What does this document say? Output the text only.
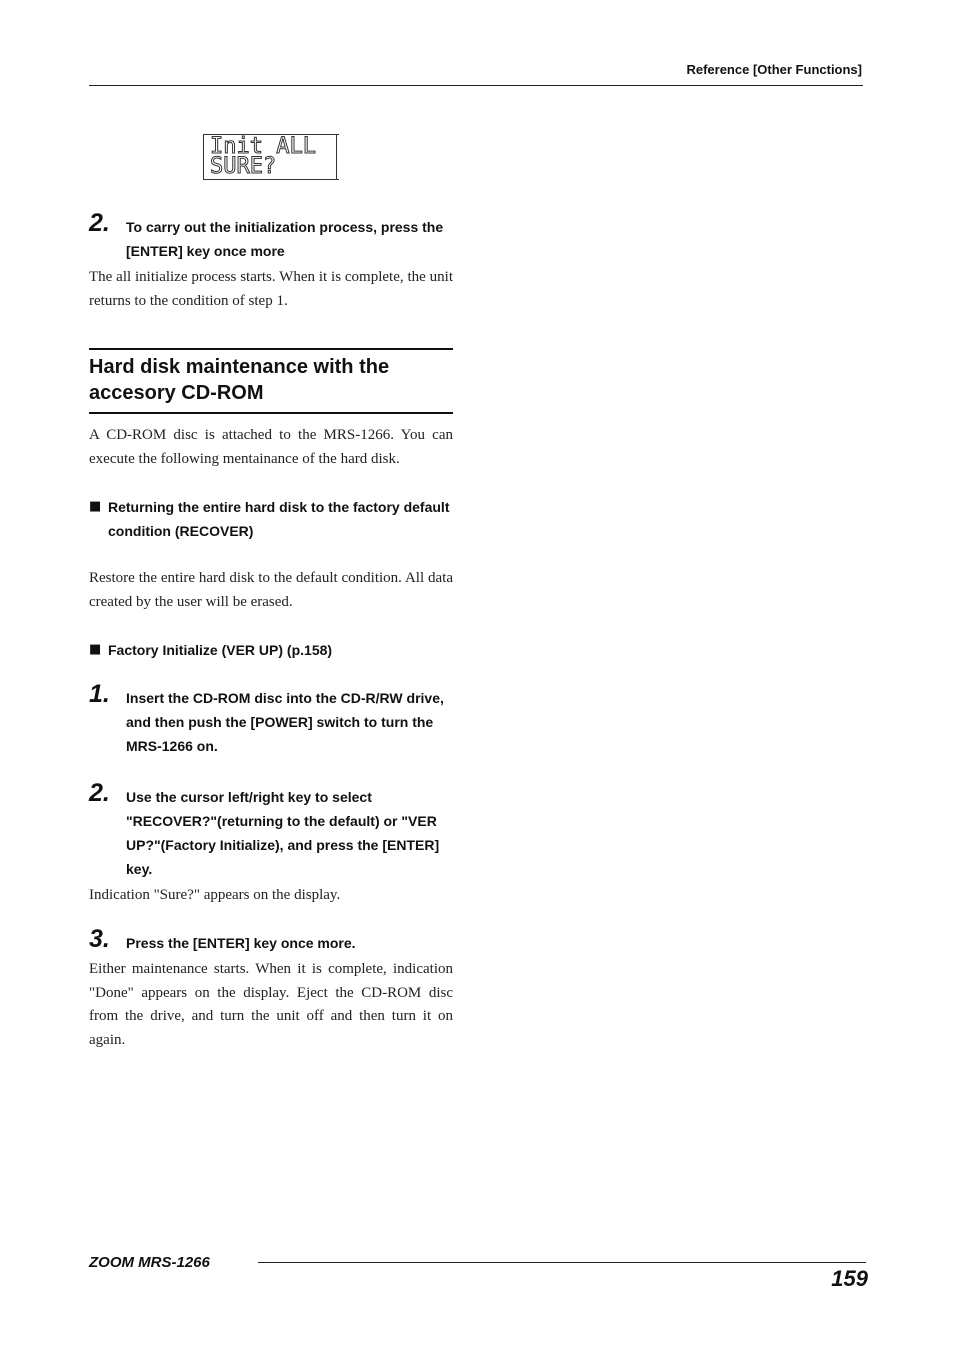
Reference [Other Functions]
Init ALL
SURE?
2. To carry out the initialization process, press the [ENTER] key once more
The all initialize process starts. When it is complete, the unit returns to the condition of step 1.
Hard disk maintenance with the accesory CD-ROM
A CD-ROM disc is attached to the MRS-1266. You can execute the following mentainance of the hard disk.
■ Returning the entire hard disk to the factory default condition (RECOVER)
Restore the entire hard disk to the default condition. All data created by the user will be erased.
■ Factory Initialize (VER UP) (p.158)
1. Insert the CD-ROM disc into the CD-R/RW drive, and then push the [POWER] switch to turn the MRS-1266 on.
2. Use the cursor left/right key to select "RECOVER?"(returning to the default) or "VER UP?"(Factory Initialize), and press the [ENTER] key.
Indication "Sure?" appears on the display.
3. Press the [ENTER] key once more.
Either maintenance starts. When it is complete, indication "Done" appears on the display. Eject the CD-ROM disc from the drive, and turn the unit off and then turn it on again.
ZOOM MRS-1266
159
